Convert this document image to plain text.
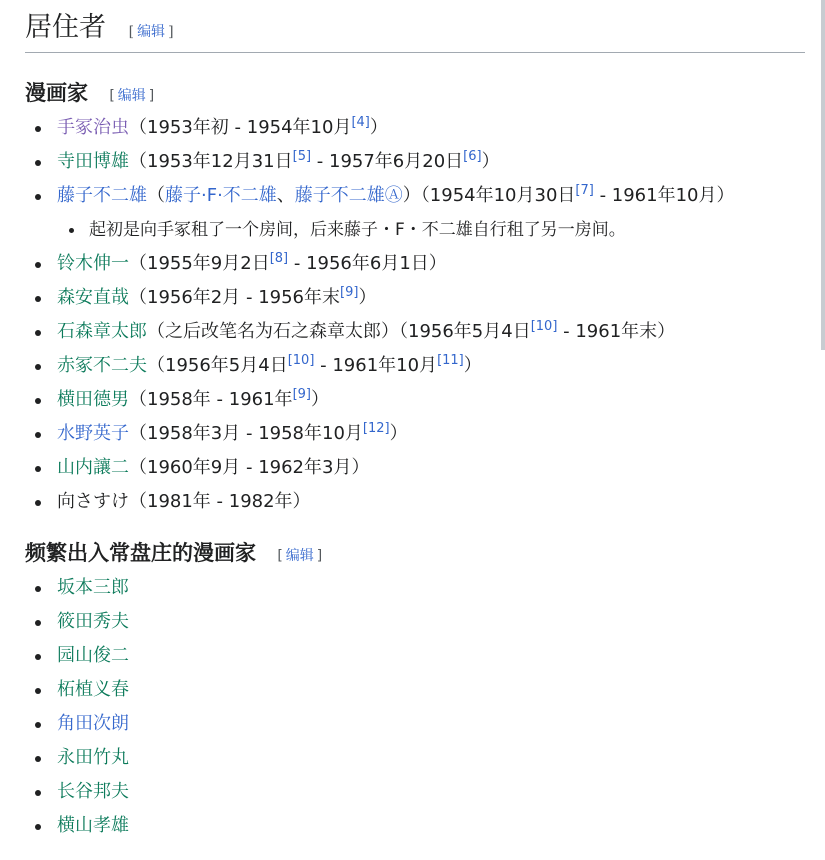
居住者 [ 编辑 ]
漫画家 [ 编辑 ]
手冢治虫（1953年初 - 1954年10月[4]）
寺田博雄（1953年12月31日[5] - 1957年6月20日[6]）
藤子不二雄（藤子·F·不二雄、藤子不二雄Ⓐ）（1954年10月30日[7] - 1961年10月）
起初是向手冢租了一个房间，后来藤子・F・不二雄自行租了另一房间。
铃木伸一（1955年9月2日[8] - 1956年6月1日）
森安直哉（1956年2月 - 1956年末[9]）
石森章太郎（之后改笔名为石之森章太郎）（1956年5月4日[10] - 1961年末）
赤冢不二夫（1956年5月4日[10] - 1961年10月[11]）
横田德男（1958年 - 1961年[9]）
水野英子（1958年3月 - 1958年10月[12]）
山内讓二（1960年9月 - 1962年3月）
向さすけ（1981年 - 1982年）
频繁出入常盘庄的漫画家 [ 编辑 ]
坂本三郎
筱田秀夫
园山俊二
柘植义春
角田次朗
永田竹丸
长谷邦夫
横山孝雄
